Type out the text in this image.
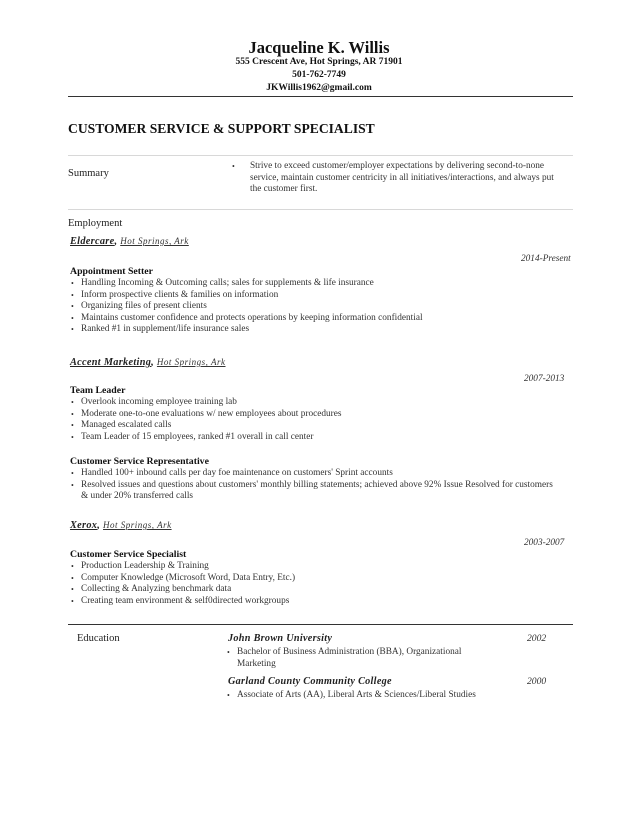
Jacqueline K. Willis
555 Crescent Ave, Hot Springs, AR 71901
501-762-7749
JKWillis1962@gmail.com
CUSTOMER SERVICE & SUPPORT SPECIALIST
Summary
• Strive to exceed customer/employer expectations by delivering second-to-none service, maintain customer centricity in all initiatives/interactions, and always put the customer first.
Employment
Eldercare, Hot Springs, Ark
2014-Present
Appointment Setter
• Handling Incoming & Outcoming calls; sales for supplements & life insurance
• Inform prospective clients & families on information
• Organizing files of present clients
• Maintains customer confidence and protects operations by keeping information confidential
• Ranked #1 in supplement/life insurance sales
Accent Marketing, Hot Springs, Ark
2007-2013
Team Leader
• Overlook incoming employee training lab
• Moderate one-to-one evaluations w/ new employees about procedures
• Managed escalated calls
• Team Leader of 15 employees, ranked #1 overall in call center
Customer Service Representative
• Handled 100+ inbound calls per day foe maintenance on customers' Sprint accounts
• Resolved issues and questions about customers' monthly billing statements; achieved above 92% Issue Resolved for customers & under 20% transferred calls
Xerox, Hot Springs, Ark
2003-2007
Customer Service Specialist
• Production Leadership & Training
• Computer Knowledge (Microsoft Word, Data Entry, Etc.)
• Collecting & Analyzing benchmark data
• Creating team environment & self0directed workgroups
Education	John Brown University	2002
• Bachelor of Business Administration (BBA), Organizational Marketing
Garland County Community College	2000
• Associate of Arts (AA), Liberal Arts & Sciences/Liberal Studies
